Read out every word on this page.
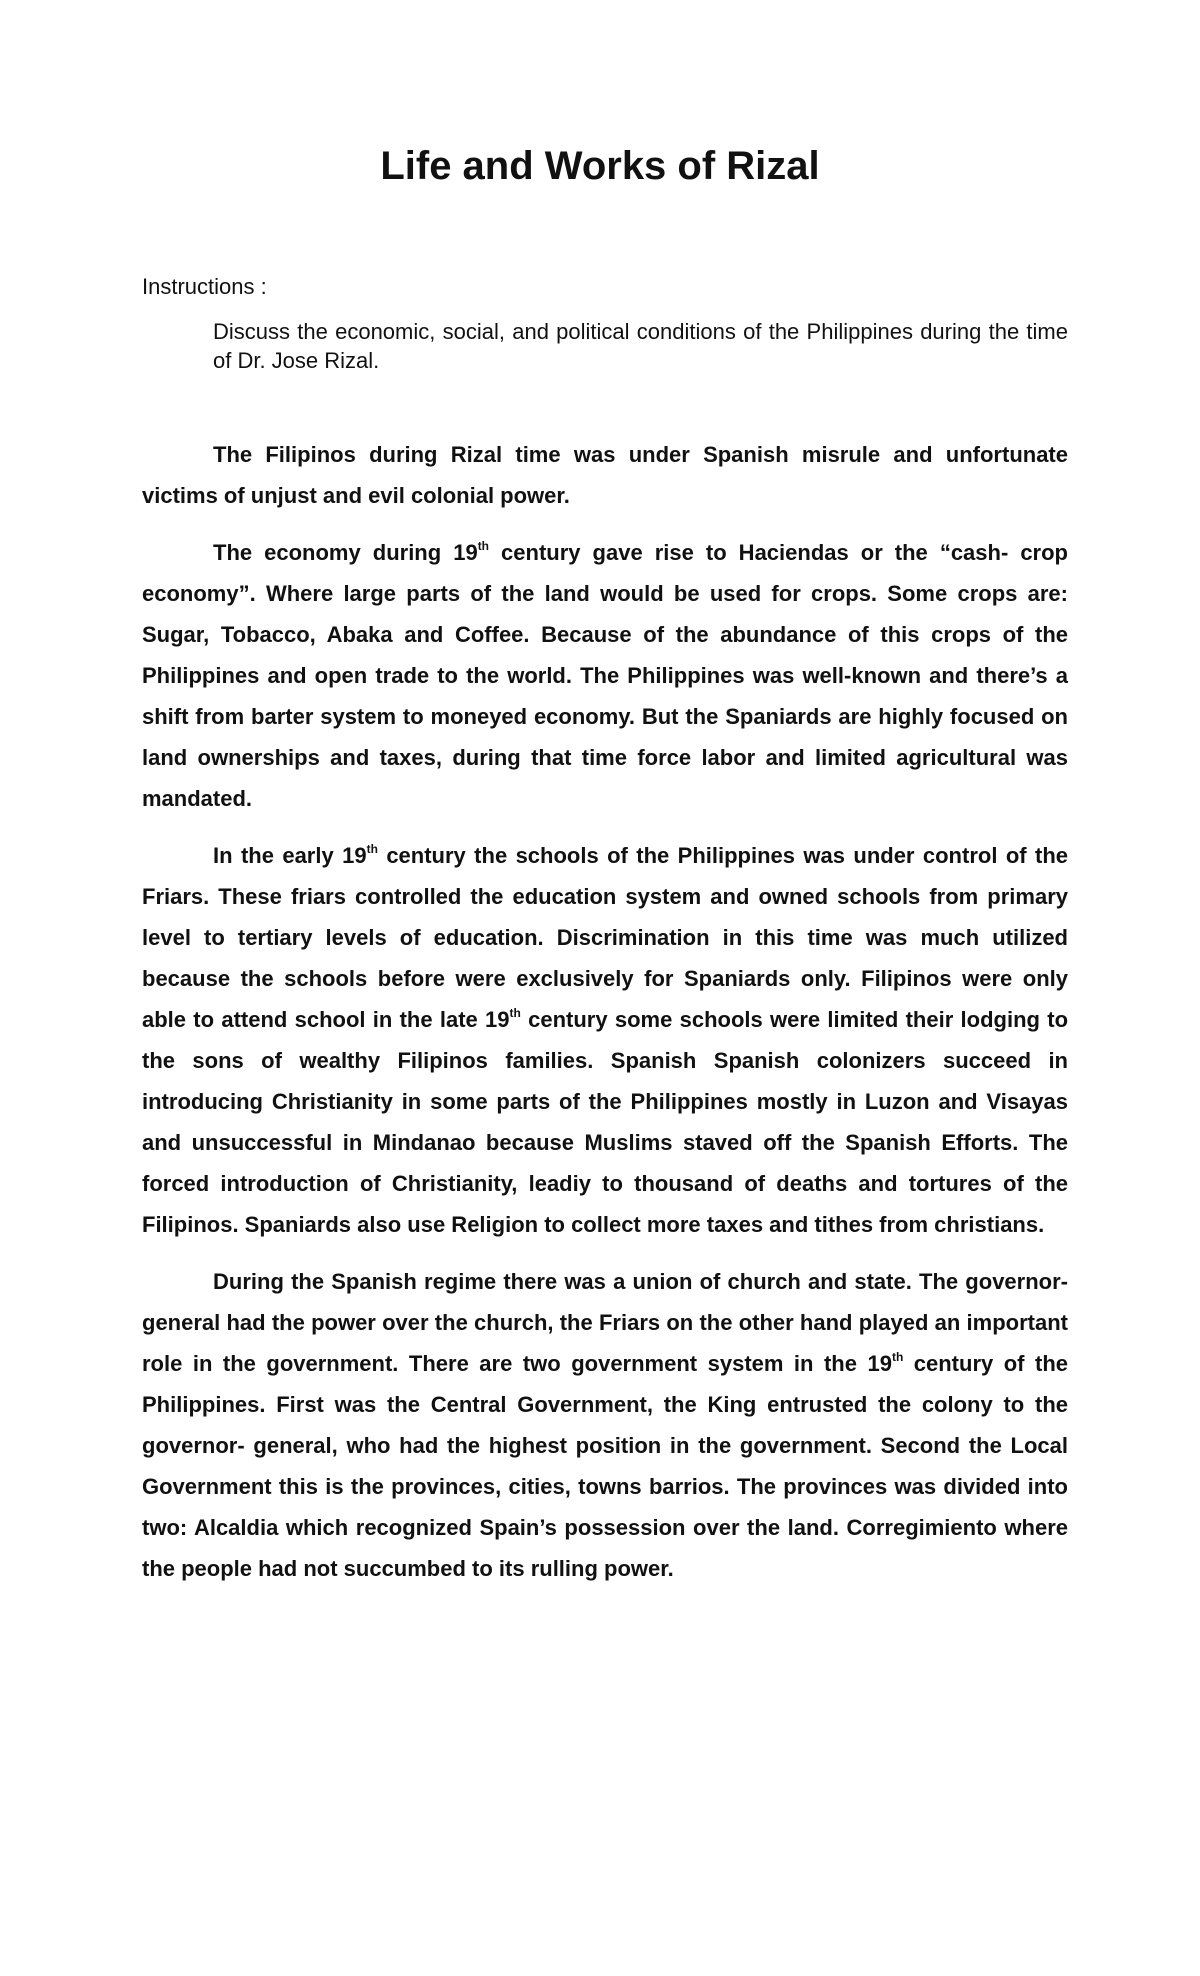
Life and Works of Rizal
Instructions :
Discuss the economic, social, and political conditions of the Philippines during the time of Dr. Jose Rizal.

The Filipinos during Rizal time was under Spanish misrule and unfortunate victims of unjust and evil colonial power.

The economy during 19th century gave rise to Haciendas or the “cash- crop economy”. Where large parts of the land would be used for crops. Some crops are: Sugar, Tobacco, Abaka and Coffee. Because of the abundance of this crops of the Philippines and open trade to the world. The Philippines was well-known and there’s a shift from barter system to moneyed economy. But the Spaniards are highly focused on land ownerships and taxes, during that time force labor and limited agricultural was mandated.

In the early 19th century the schools of the Philippines was under control of the Friars. These friars controlled the education system and owned schools from primary level to tertiary levels of education. Discrimination in this time was much utilized because the schools before were exclusively for Spaniards only. Filipinos were only able to attend school in the late 19th century some schools were limited their lodging to the sons of wealthy Filipinos families. Spanish Spanish colonizers succeed in introducing Christianity in some parts of the Philippines mostly in Luzon and Visayas and unsuccessful in Mindanao because Muslims staved off the Spanish Efforts. The forced introduction of Christianity, leadiy to thousand of deaths and tortures of the Filipinos. Spaniards also use Religion to collect more taxes and tithes from christians.

During the Spanish regime there was a union of church and state. The governor-general had the power over the church, the Friars on the other hand played an important role in the government. There are two government system in the 19th century of the Philippines. First was the Central Government, the King entrusted the colony to the governor- general, who had the highest position in the government. Second the Local Government this is the provinces, cities, towns barrios. The provinces was divided into two: Alcaldia which recognized Spain’s possession over the land. Corregimiento where the people had not succumbed to its rulling power.
